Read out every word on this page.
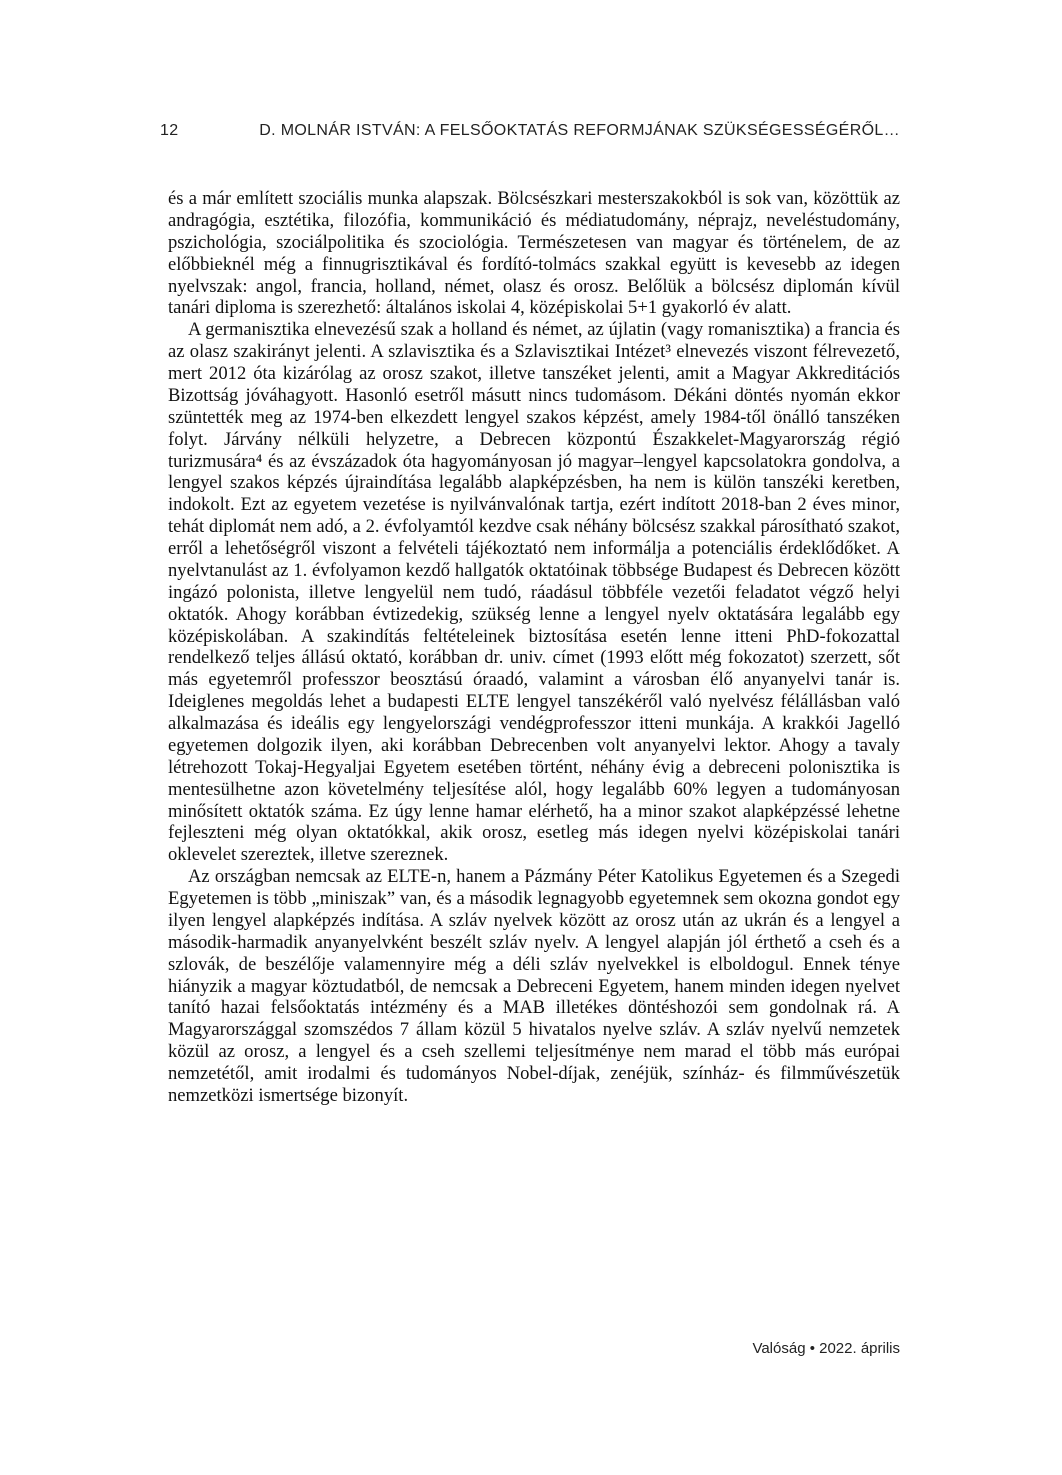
12	D. MOLNÁR ISTVÁN: A FELSŐOKTATÁS REFORMJÁNAK SZÜKSÉGESSÉGÉRŐL…

és a már említett szociális munka alapszak. Bölcsészkari mesterszakokból is sok van, közöttük az andragógia, esztétika, filozófia, kommunikáció és médiatudomány, néprajz, neveléstudomány, pszichológia, szociálpolitika és szociológia. Természetesen van magyar és történelem, de az előbbieknél még a finnugrisztikával és fordító-tolmács szakkal együtt is kevesebb az idegen nyelvszak: angol, francia, holland, német, olasz és orosz. Belőlük a bölcsész diplomán kívül tanári diploma is szerezhető: általános iskolai 4, középiskolai 5+1 gyakorló év alatt.

A germanisztika elnevezésű szak a holland és német, az újlatin (vagy romanisztika) a francia és az olasz szakirányt jelenti. A szlavisztika és a Szlavisztikai Intézet³ elnevezés viszont félrevezető, mert 2012 óta kizárólag az orosz szakot, illetve tanszéket jelenti, amit a Magyar Akkreditációs Bizottság jóváhagyott. Hasonló esetről másutt nincs tudomásom. Dékáni döntés nyomán ekkor szüntették meg az 1974-ben elkezdett lengyel szakos képzést, amely 1984-től önálló tanszéken folyt. Járvány nélküli helyzetre, a Debrecen központú Északkelet-Magyarország régió turizmusára⁴ és az évszázadok óta hagyományosan jó magyar–lengyel kapcsolatokra gondolva, a lengyel szakos képzés újraindítása legalább alapképzésben, ha nem is külön tanszéki keretben, indokolt. Ezt az egyetem vezetése is nyilvánvalónak tartja, ezért indított 2018-ban 2 éves minor, tehát diplomát nem adó, a 2. évfolyamtól kezdve csak néhány bölcsész szakkal párosítható szakot, erről a lehetőségről viszont a felvételi tájékoztató nem informálja a potenciális érdeklődőket. A nyelvtanulást az 1. évfolyamon kezdő hallgatók oktatóinak többsége Budapest és Debrecen között ingázó polonista, illetve lengyelül nem tudó, ráadásul többféle vezetői feladatot végző helyi oktatók. Ahogy korábban évtizedekig, szükség lenne a lengyel nyelv oktatására legalább egy középiskolában. A szakindítás feltételeinek biztosítása esetén lenne itteni PhD-fokozattal rendelkező teljes állású oktató, korábban dr. univ. címet (1993 előtt még fokozatot) szerzett, sőt más egyetemről professzor beosztású óraadó, valamint a városban élő anyanyelvi tanár is. Ideiglenes megoldás lehet a budapesti ELTE lengyel tanszékéről való nyelvész félállásban való alkalmazása és ideális egy lengyelországi vendégprofesszor itteni munkája. A krakkói Jagelló egyetemen dolgozik ilyen, aki korábban Debrecenben volt anyanyelvi lektor. Ahogy a tavaly létrehozott Tokaj-Hegyaljai Egyetem esetében történt, néhány évig a debreceni polonisztika is mentesülhetne azon követelmény teljesítése alól, hogy legalább 60% legyen a tudományosan minősített oktatók száma. Ez úgy lenne hamar elérhető, ha a minor szakot alapképzéssé lehetne fejleszteni még olyan oktatókkal, akik orosz, esetleg más idegen nyelvi középiskolai tanári oklevelet szereztek, illetve szereznek.

Az országban nemcsak az ELTE-n, hanem a Pázmány Péter Katolikus Egyetemen és a Szegedi Egyetemen is több „miniszak” van, és a második legnagyobb egyetemnek sem okozna gondot egy ilyen lengyel alapképzés indítása. A szláv nyelvek között az orosz után az ukrán és a lengyel a második-harmadik anyanyelvként beszélt szláv nyelv. A lengyel alapján jól érthető a cseh és a szlovák, de beszélője valamennyire még a déli szláv nyelvekkel is elboldogul. Ennek ténye hiányzik a magyar köztudatból, de nemcsak a Debreceni Egyetem, hanem minden idegen nyelvet tanító hazai felsőoktatás intézmény és a MAB illetékes döntéshozói sem gondolnak rá. A Magyarországgal szomszédos 7 állam közül 5 hivatalos nyelve szláv. A szláv nyelvű nemzetek közül az orosz, a lengyel és a cseh szellemi teljesítménye nem marad el több más európai nemzetétől, amit irodalmi és tudományos Nobel-díjak, zenéjük, színház- és filmművészetük nemzetközi ismertsége bizonyít.

Valóság • 2022. április
